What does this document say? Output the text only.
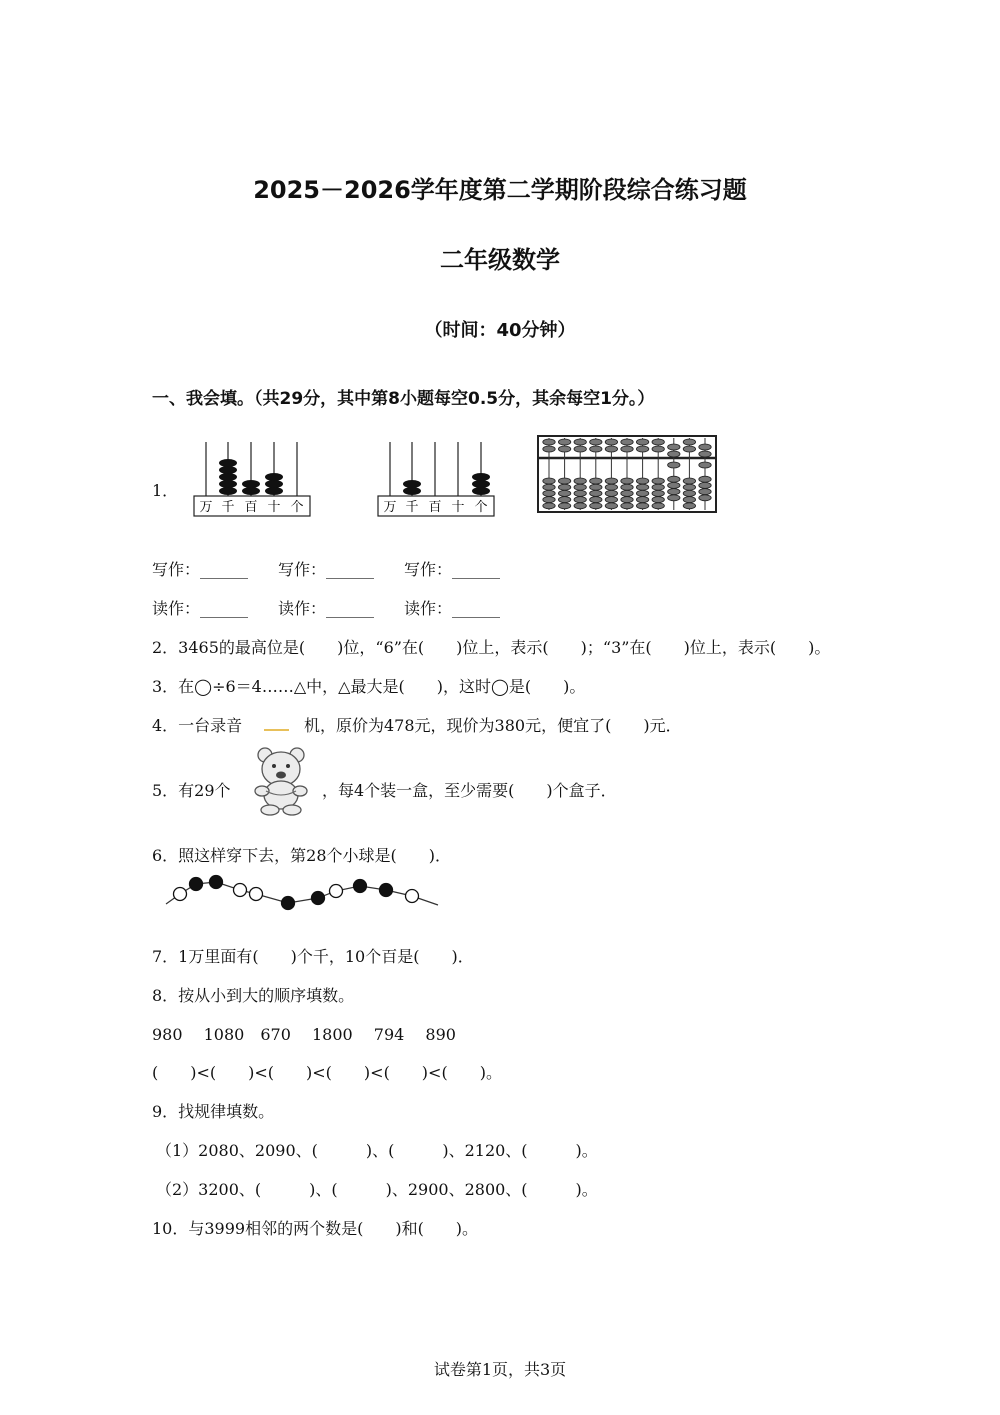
2025－2026学年度第二学期阶段综合练习题
二年级数学
（时间：40分钟）
一、我会填。（共29分，其中第8小题每空0.5分，其余每空1分。）
1．
万 千 百 十 个	万 千 百 十 个
写作：______ 写作：______ 写作：______
读作：______ 读作：______ 读作：______
2．3465的最高位是(　　)位，“6”在(　　)位上，表示(　　)；“3”在(　　)位上，表示(　　)。
3．在◯÷6＝4……△中，△最大是(　　)，这时◯是(　　)。
4．一台录音	机，原价为478元，现价为380元，便宜了(　　)元．
5．有29个	，每4个装一盒，至少需要(　　)个盒子．
6．照这样穿下去，第28个小球是(　　)．
7．1万里面有(　　)个千，10个百是(　　)．
8．按从小到大的顺序填数。
980　 1080　670　 1800　 794　 890
(　　)<(　　)<(　　)<(　　)<(　　)<(　　)。
9．找规律填数。
（1）2080、2090、(　　　)、(　　　)、2120、(　　　)。
（2）3200、(　　　)、(　　　)、2900、2800、(　　　)。
10．与3999相邻的两个数是(　　)和(　　)。
试卷第1页，共3页
